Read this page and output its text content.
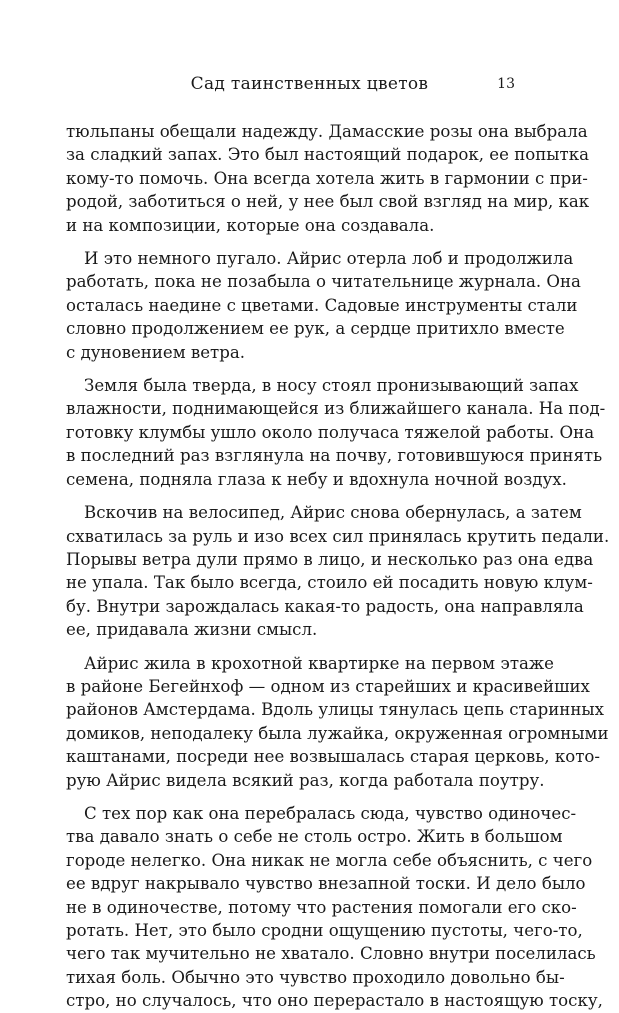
Сад таинственных цветов	13
тюльпаны обещали надежду. Дамасские розы она выбрала
за сладкий запах. Это был настоящий подарок, ее попытка
кому-то помочь. Она всегда хотела жить в гармонии с при-
родой, заботиться о ней, у нее был свой взгляд на мир, как
и на композиции, которые она создавала.
И это немного пугало. Айрис отерла лоб и продолжила
работать, пока не позабыла о читательнице журнала. Она
осталась наедине с цветами. Садовые инструменты стали
словно продолжением ее рук, а сердце притихло вместе
с дуновением ветра.
Земля была тверда, в носу стоял пронизывающий запах
влажности, поднимающейся из ближайшего канала. На под-
готовку клумбы ушло около получаса тяжелой работы. Она
в последний раз взглянула на почву, готовившуюся принять
семена, подняла глаза к небу и вдохнула ночной воздух.
Вскочив на велосипед, Айрис снова обернулась, а затем
схватилась за руль и изо всех сил принялась крутить педали.
Порывы ветра дули прямо в лицо, и несколько раз она едва
не упала. Так было всегда, стоило ей посадить новую клум-
бу. Внутри зарождалась какая-то радость, она направляла
ее, придавала жизни смысл.
Айрис жила в крохотной квартирке на первом этаже
в районе Бегейнхоф — одном из старейших и красивейших
районов Амстердама. Вдоль улицы тянулась цепь старинных
домиков, неподалеку была лужайка, окруженная огромными
каштанами, посреди нее возвышалась старая церковь, кото-
рую Айрис видела всякий раз, когда работала поутру.
С тех пор как она перебралась сюда, чувство одиночес-
тва давало знать о себе не столь остро. Жить в большом
городе нелегко. Она никак не могла себе объяснить, с чего
ее вдруг накрывало чувство внезапной тоски. И дело было
не в одиночестве, потому что растения помогали его ско-
ротать. Нет, это было сродни ощущению пустоты, чего-то,
чего так мучительно не хватало. Словно внутри поселилась
тихая боль. Обычно это чувство проходило довольно бы-
стро, но случалось, что оно перерастало в настоящую тоску,
